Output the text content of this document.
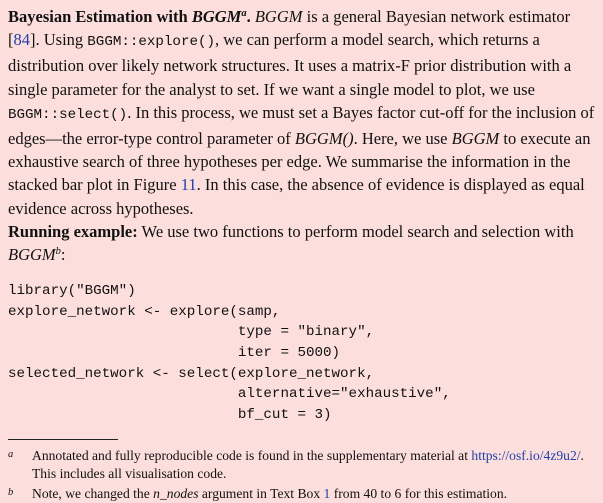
Bayesian Estimation with BGGM$^a$. BGGM is a general Bayesian network estimator [84]. Using BGGM::explore(), we can perform a model search, which returns a distribution over likely network structures. It uses a matrix-F prior distribution with a single parameter for the analyst to set. If we want a single model to plot, we use BGGM::select(). In this process, we must set a Bayes factor cut-off for the inclusion of edges—the error-type control parameter of BGGM(). Here, we use BGGM to execute an exhaustive search of three hypotheses per edge. We summarise the information in the stacked bar plot in Figure 11. In this case, the absence of evidence is displayed as equal evidence across hypotheses.

Running example: We use two functions to perform model search and selection with BGGM$^b$:

library("BGGM")
explore_network <- explore(samp,
type = "binary",
iter = 5000)
selected_network <- select(explore_network,
alternative="exhaustive",
bf_cut = 3)
a Annotated and fully reproducible code is found in the supplementary material at https://osf.io/4z9u2/. This includes all visualisation code.
b Note, we changed the n_nodes argument in Text Box 1 from 40 to 6 for this estimation.
